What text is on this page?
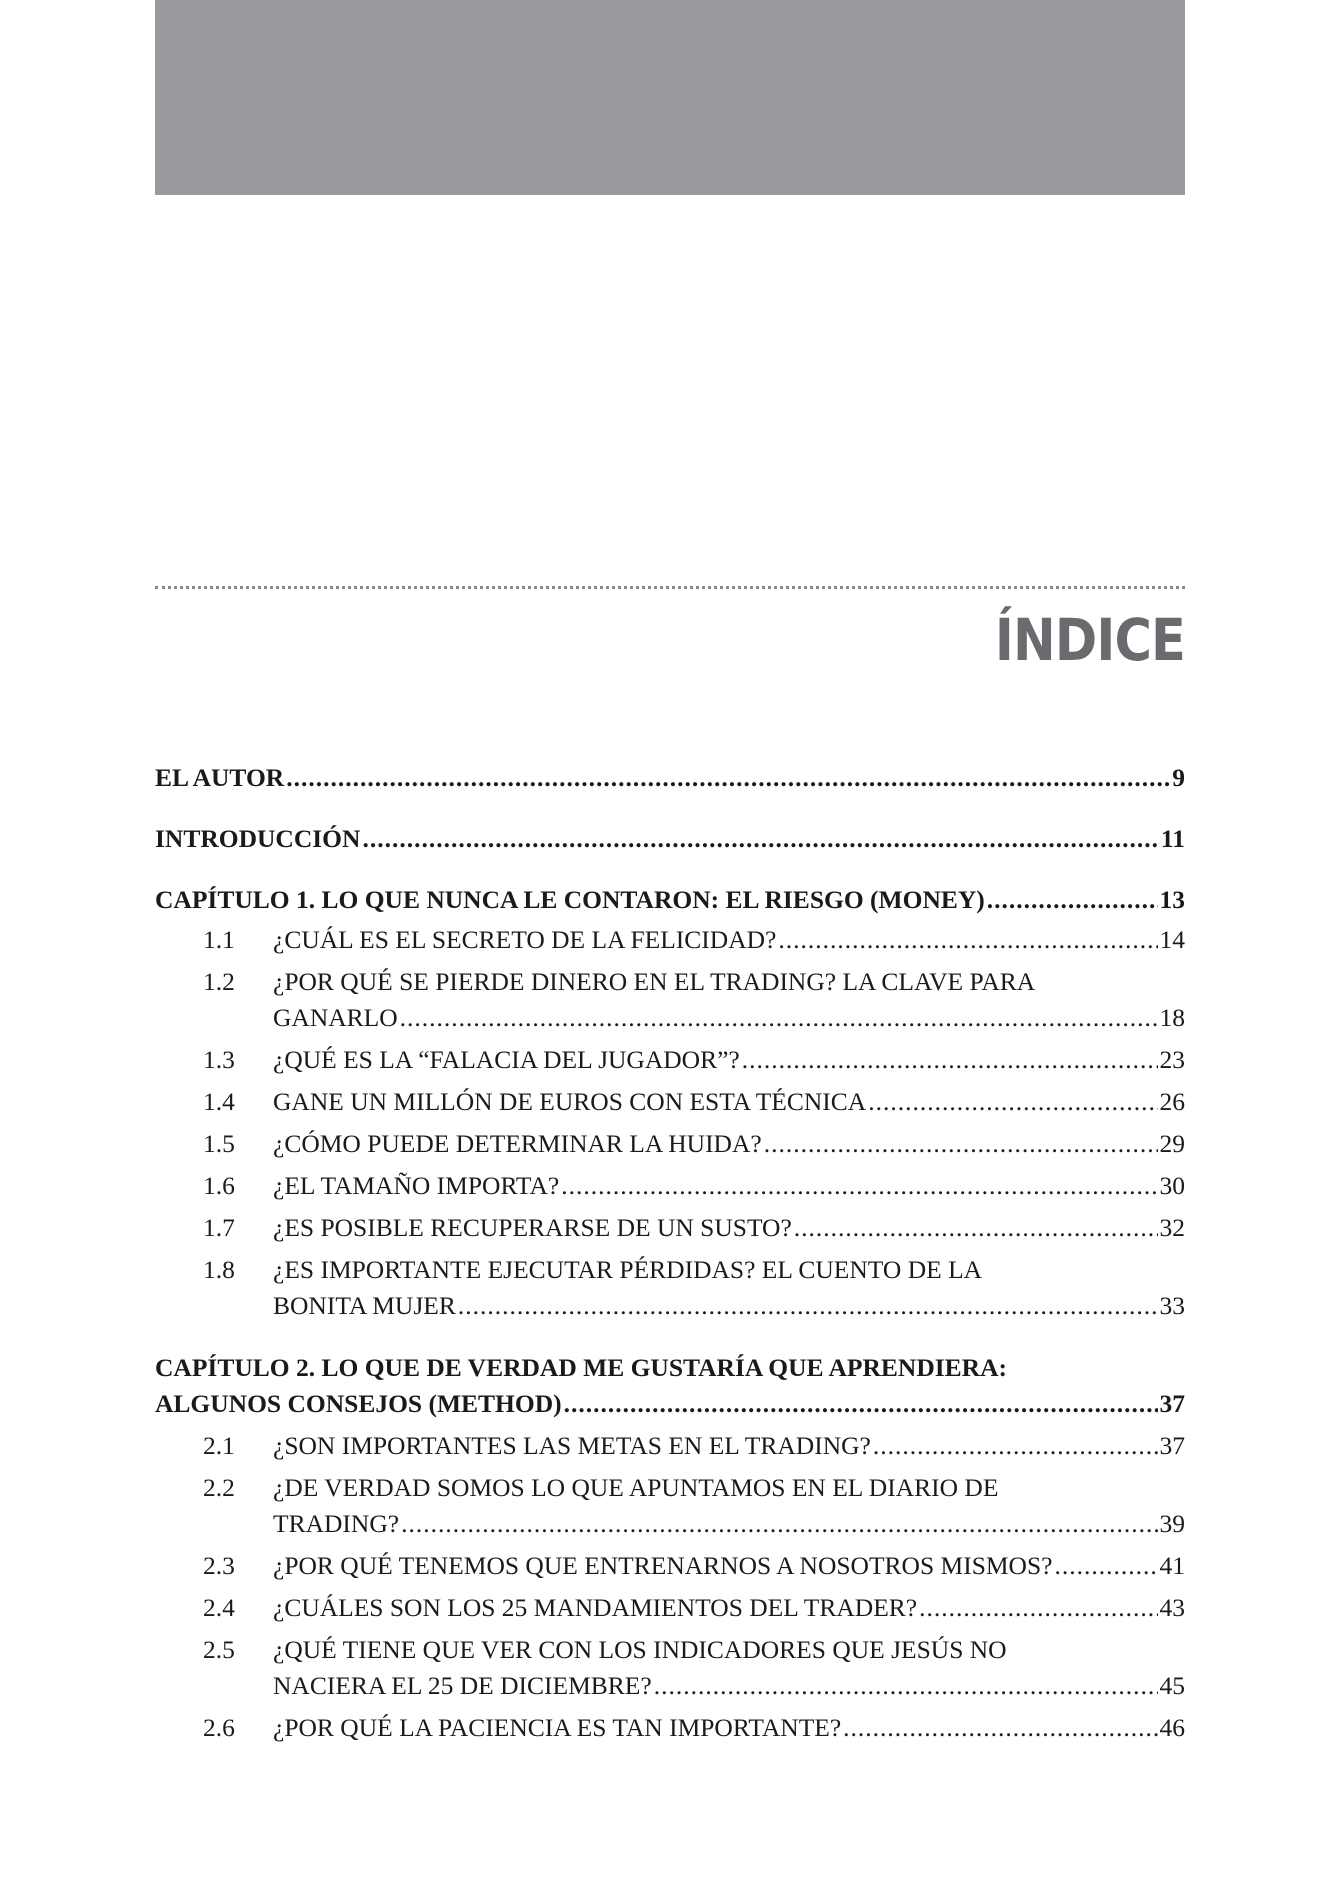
ÍNDICE
EL AUTOR .....	9
INTRODUCCIÓN .....	11
CAPÍTULO 1. LO QUE NUNCA LE CONTARON: EL RIESGO (MONEY) .....	13
1.1	¿CUÁL ES EL SECRETO DE LA FELICIDAD? .....	14
1.2	¿POR QUÉ SE PIERDE DINERO EN EL TRADING? LA CLAVE PARA
GANARLO .....	18
1.3	¿QUÉ ES LA “FALACIA DEL JUGADOR”? .....	23
1.4	GANE UN MILLÓN DE EUROS CON ESTA TÉCNICA .....	26
1.5	¿CÓMO PUEDE DETERMINAR LA HUIDA? .....	29
1.6	¿EL TAMAÑO IMPORTA? .....	30
1.7	¿ES POSIBLE RECUPERARSE DE UN SUSTO? .....	32
1.8	¿ES IMPORTANTE EJECUTAR PÉRDIDAS? EL CUENTO DE LA
BONITA MUJER .....	33
CAPÍTULO 2. LO QUE DE VERDAD ME GUSTARÍA QUE APRENDIERA:
ALGUNOS CONSEJOS (METHOD) .....	37
2.1	¿SON IMPORTANTES LAS METAS EN EL TRADING? .....	37
2.2	¿DE VERDAD SOMOS LO QUE APUNTAMOS EN EL DIARIO DE
TRADING? .....	39
2.3	¿POR QUÉ TENEMOS QUE ENTRENARNOS A NOSOTROS MISMOS? .....	41
2.4	¿CUÁLES SON LOS 25 MANDAMIENTOS DEL TRADER? .....	43
2.5	¿QUÉ TIENE QUE VER CON LOS INDICADORES QUE JESÚS NO
NACIERA EL 25 DE DICIEMBRE? .....	45
2.6	¿POR QUÉ LA PACIENCIA ES TAN IMPORTANTE? .....	46
